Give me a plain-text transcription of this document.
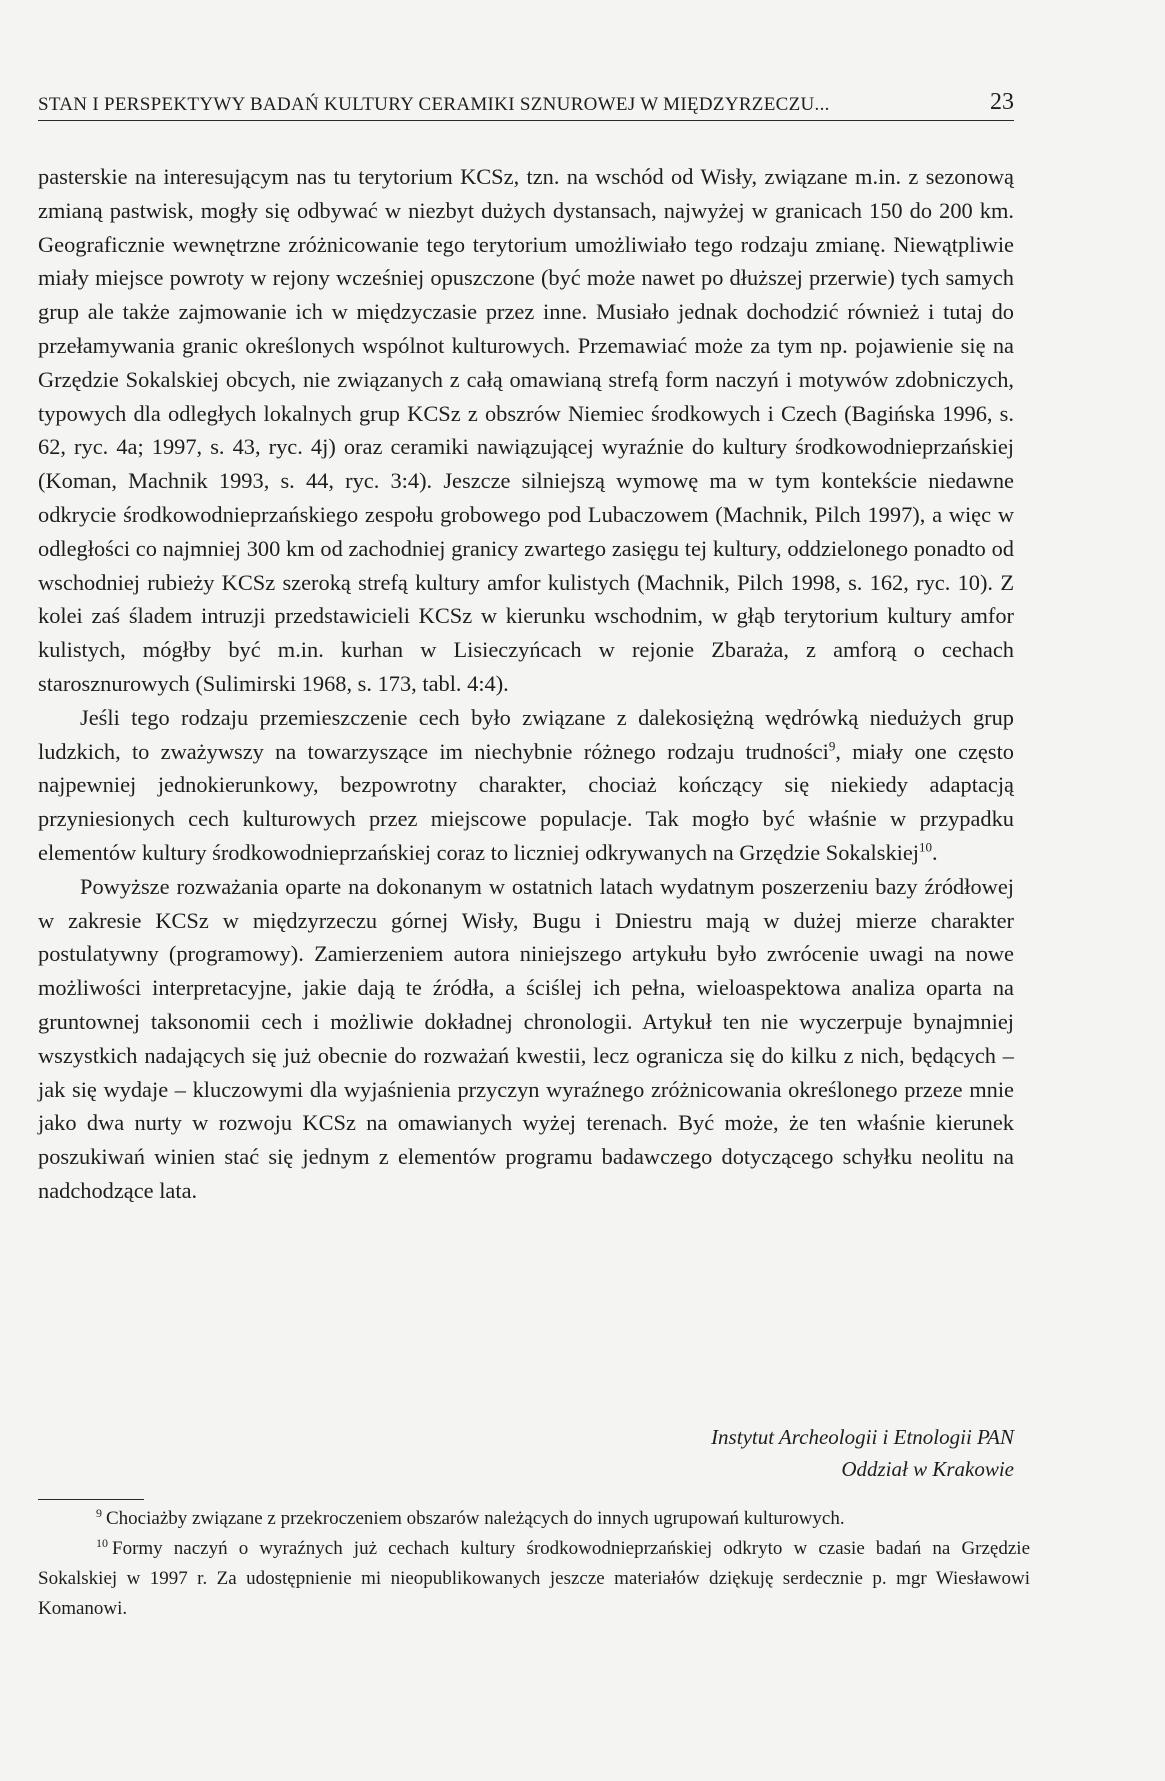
STAN I PERSPEKTYWY BADAŃ KULTURY CERAMIKI SZNUROWEJ W MIĘDZYRZECZU...	23

pasterskie na interesującym nas tu terytorium KCSz, tzn. na wschód od Wisły, związane m.in. z sezonową zmianą pastwisk, mogły się odbywać w niezbyt dużych dystansach, najwyżej w granicach 150 do 200 km. Geograficznie wewnętrzne zróżnicowanie tego terytorium umożliwiało tego rodzaju zmianę. Niewątpliwie miały miejsce powroty w rejony wcześniej opuszczone (być może nawet po dłuższej przerwie) tych samych grup ale także zajmowanie ich w międzyczasie przez inne. Musiało jednak dochodzić również i tutaj do przełamywania granic określonych wspólnot kulturowych. Przemawiać może za tym np. pojawienie się na Grzędzie Sokalskiej obcych, nie związanych z całą omawianą strefą form naczyń i motywów zdobniczych, typowych dla odległych lokalnych grup KCSz z obszrów Niemiec środkowych i Czech (Bagińska 1996, s. 62, ryc. 4a; 1997, s. 43, ryc. 4j) oraz ceramiki nawiązującej wyraźnie do kultury środkowodnieprzańskiej (Koman, Machnik 1993, s. 44, ryc. 3:4). Jeszcze silniejszą wymowę ma w tym kontekście niedawne odkrycie środkowodnieprzańskiego zespołu grobowego pod Lubaczowem (Machnik, Pilch 1997), a więc w odległości co najmniej 300 km od zachodniej granicy zwartego zasięgu tej kultury, oddzielonego ponadto od wschodniej rubieży KCSz szeroką strefą kultury amfor kulistych (Machnik, Pilch 1998, s. 162, ryc. 10). Z kolei zaś śladem intruzji przedstawicieli KCSz w kierunku wschodnim, w głąb terytorium kultury amfor kulistych, mógłby być m.in. kurhan w Lisieczyńcach w rejonie Zbaraża, z amforą o cechach starosznurowych (Sulimirski 1968, s. 173, tabl. 4:4).

Jeśli tego rodzaju przemieszczenie cech było związane z dalekosiężną wędrówką niedużych grup ludzkich, to zważywszy na towarzyszące im niechybnie różnego rodzaju trudności$^9$, miały one często najpewniej jednokierunkowy, bezpowrotny charakter, chociaż kończący się niekiedy adaptacją przyniesionych cech kulturowych przez miejscowe populacje. Tak mogło być właśnie w przypadku elementów kultury środkowodnieprzańskiej coraz to liczniej odkrywanych na Grzędzie Sokalskiej$^{10}$.

Powyższe rozważania oparte na dokonanym w ostatnich latach wydatnym poszerzeniu bazy źródłowej w zakresie KCSz w międzyrzeczu górnej Wisły, Bugu i Dniestru mają w dużej mierze charakter postulatywny (programowy). Zamierzeniem autora niniejszego artykułu było zwrócenie uwagi na nowe możliwości interpretacyjne, jakie dają te źródła, a ściślej ich pełna, wieloaspektowa analiza oparta na gruntownej taksonomii cech i możliwie dokładnej chronologii. Artykuł ten nie wyczerpuje bynajmniej wszystkich nadających się już obecnie do rozważań kwestii, lecz ogranicza się do kilku z nich, będących – jak się wydaje – kluczowymi dla wyjaśnienia przyczyn wyraźnego zróżnicowania określonego przeze mnie jako dwa nurty w rozwoju KCSz na omawianych wyżej terenach. Być może, że ten właśnie kierunek poszukiwań winien stać się jednym z elementów programu badawczego dotyczącego schyłku neolitu na nadchodzące lata.

Instytut Archeologii i Etnologii PAN
Oddział w Krakowie

$^9$ Chociażby związane z przekroczeniem obszarów należących do innych ugrupowań kulturowych.

$^{10}$ Formy naczyń o wyraźnych już cechach kultury środkowodnieprzańskiej odkryto w czasie badań na Grzędzie Sokalskiej w 1997 r. Za udostępnienie mi nieopublikowanych jeszcze materiałów dziękuję serdecznie p. mgr Wiesławowi Komanowi.
